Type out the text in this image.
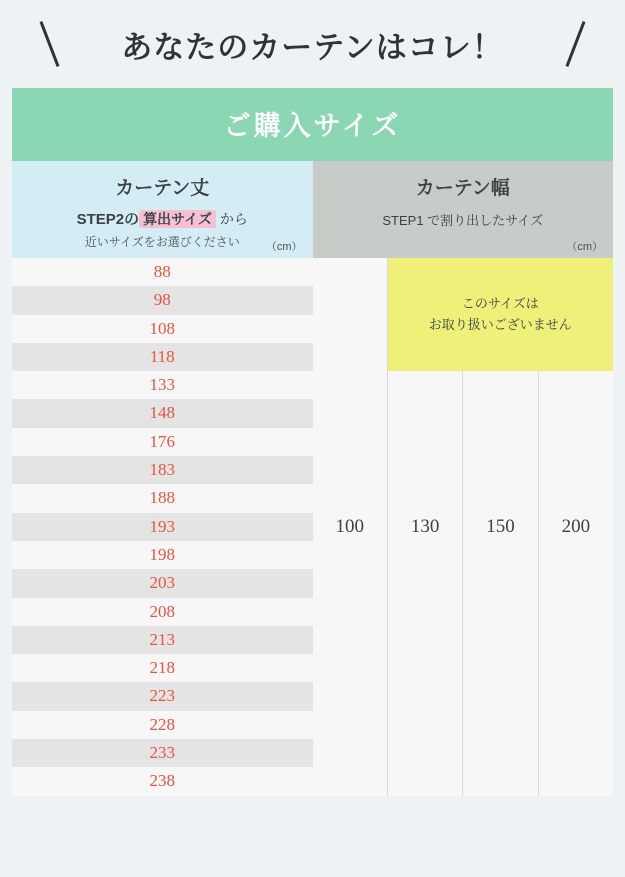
あなたのカーテンはコレ！
ご購入サイズ
カーテン丈
STEP2の 算出サイズ から
近いサイズをお選びください	（cm）
カーテン幅
STEP1 で割り出したサイズ
（cm）
88
98
108
118
133
148
176
183
188
193
198
203
208
213
218
223
228
233
238
100 130 150 200
このサイズは
お取り扱いございません
